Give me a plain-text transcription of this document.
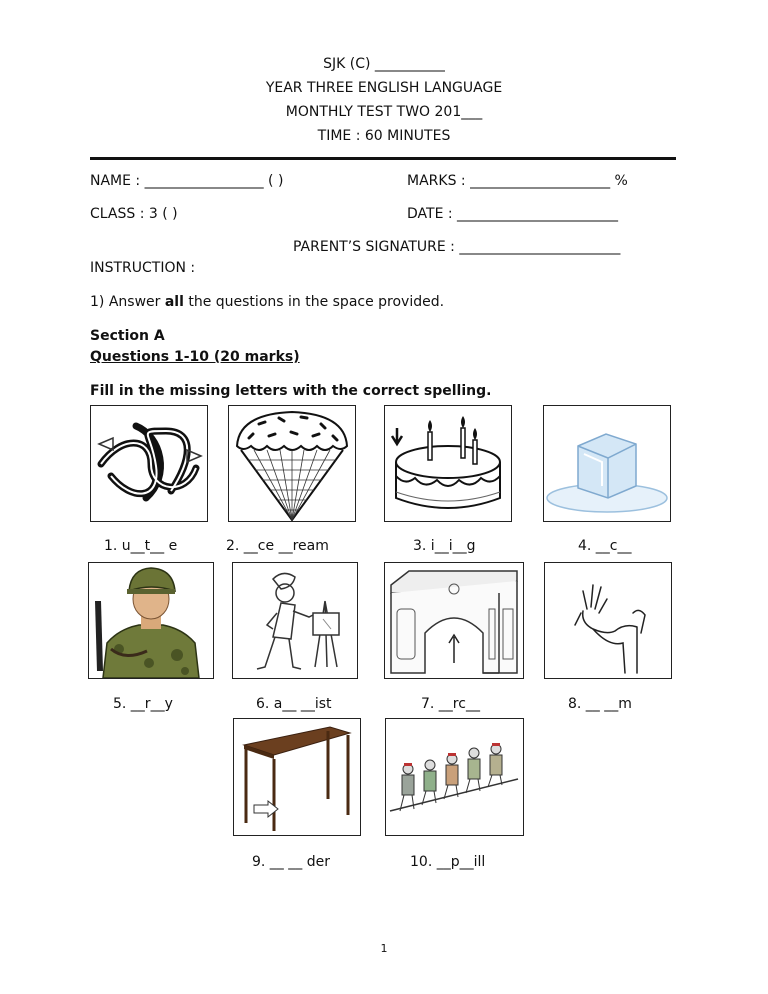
SJK (C) __________
YEAR THREE ENGLISH LANGUAGE
MONTHLY TEST TWO 201___
TIME : 60 MINUTES
NAME : _________________ ( )	MARKS : ____________________ %
CLASS : 3 ( )	DATE : _______________________
PARENT’S SIGNATURE : _______________________
INSTRUCTION :
1) Answer all the questions in the space provided.
Section A
Questions 1-10 (20 marks)
Fill in the missing letters with the correct spelling.
1. u__t__ e	2. __ce __ream	3. i__i__g	4. __c__
5. __r__y	6. a__ __ist	7. __rc__	8. __ __m
9. __ __ der	10. __p__ill
1
